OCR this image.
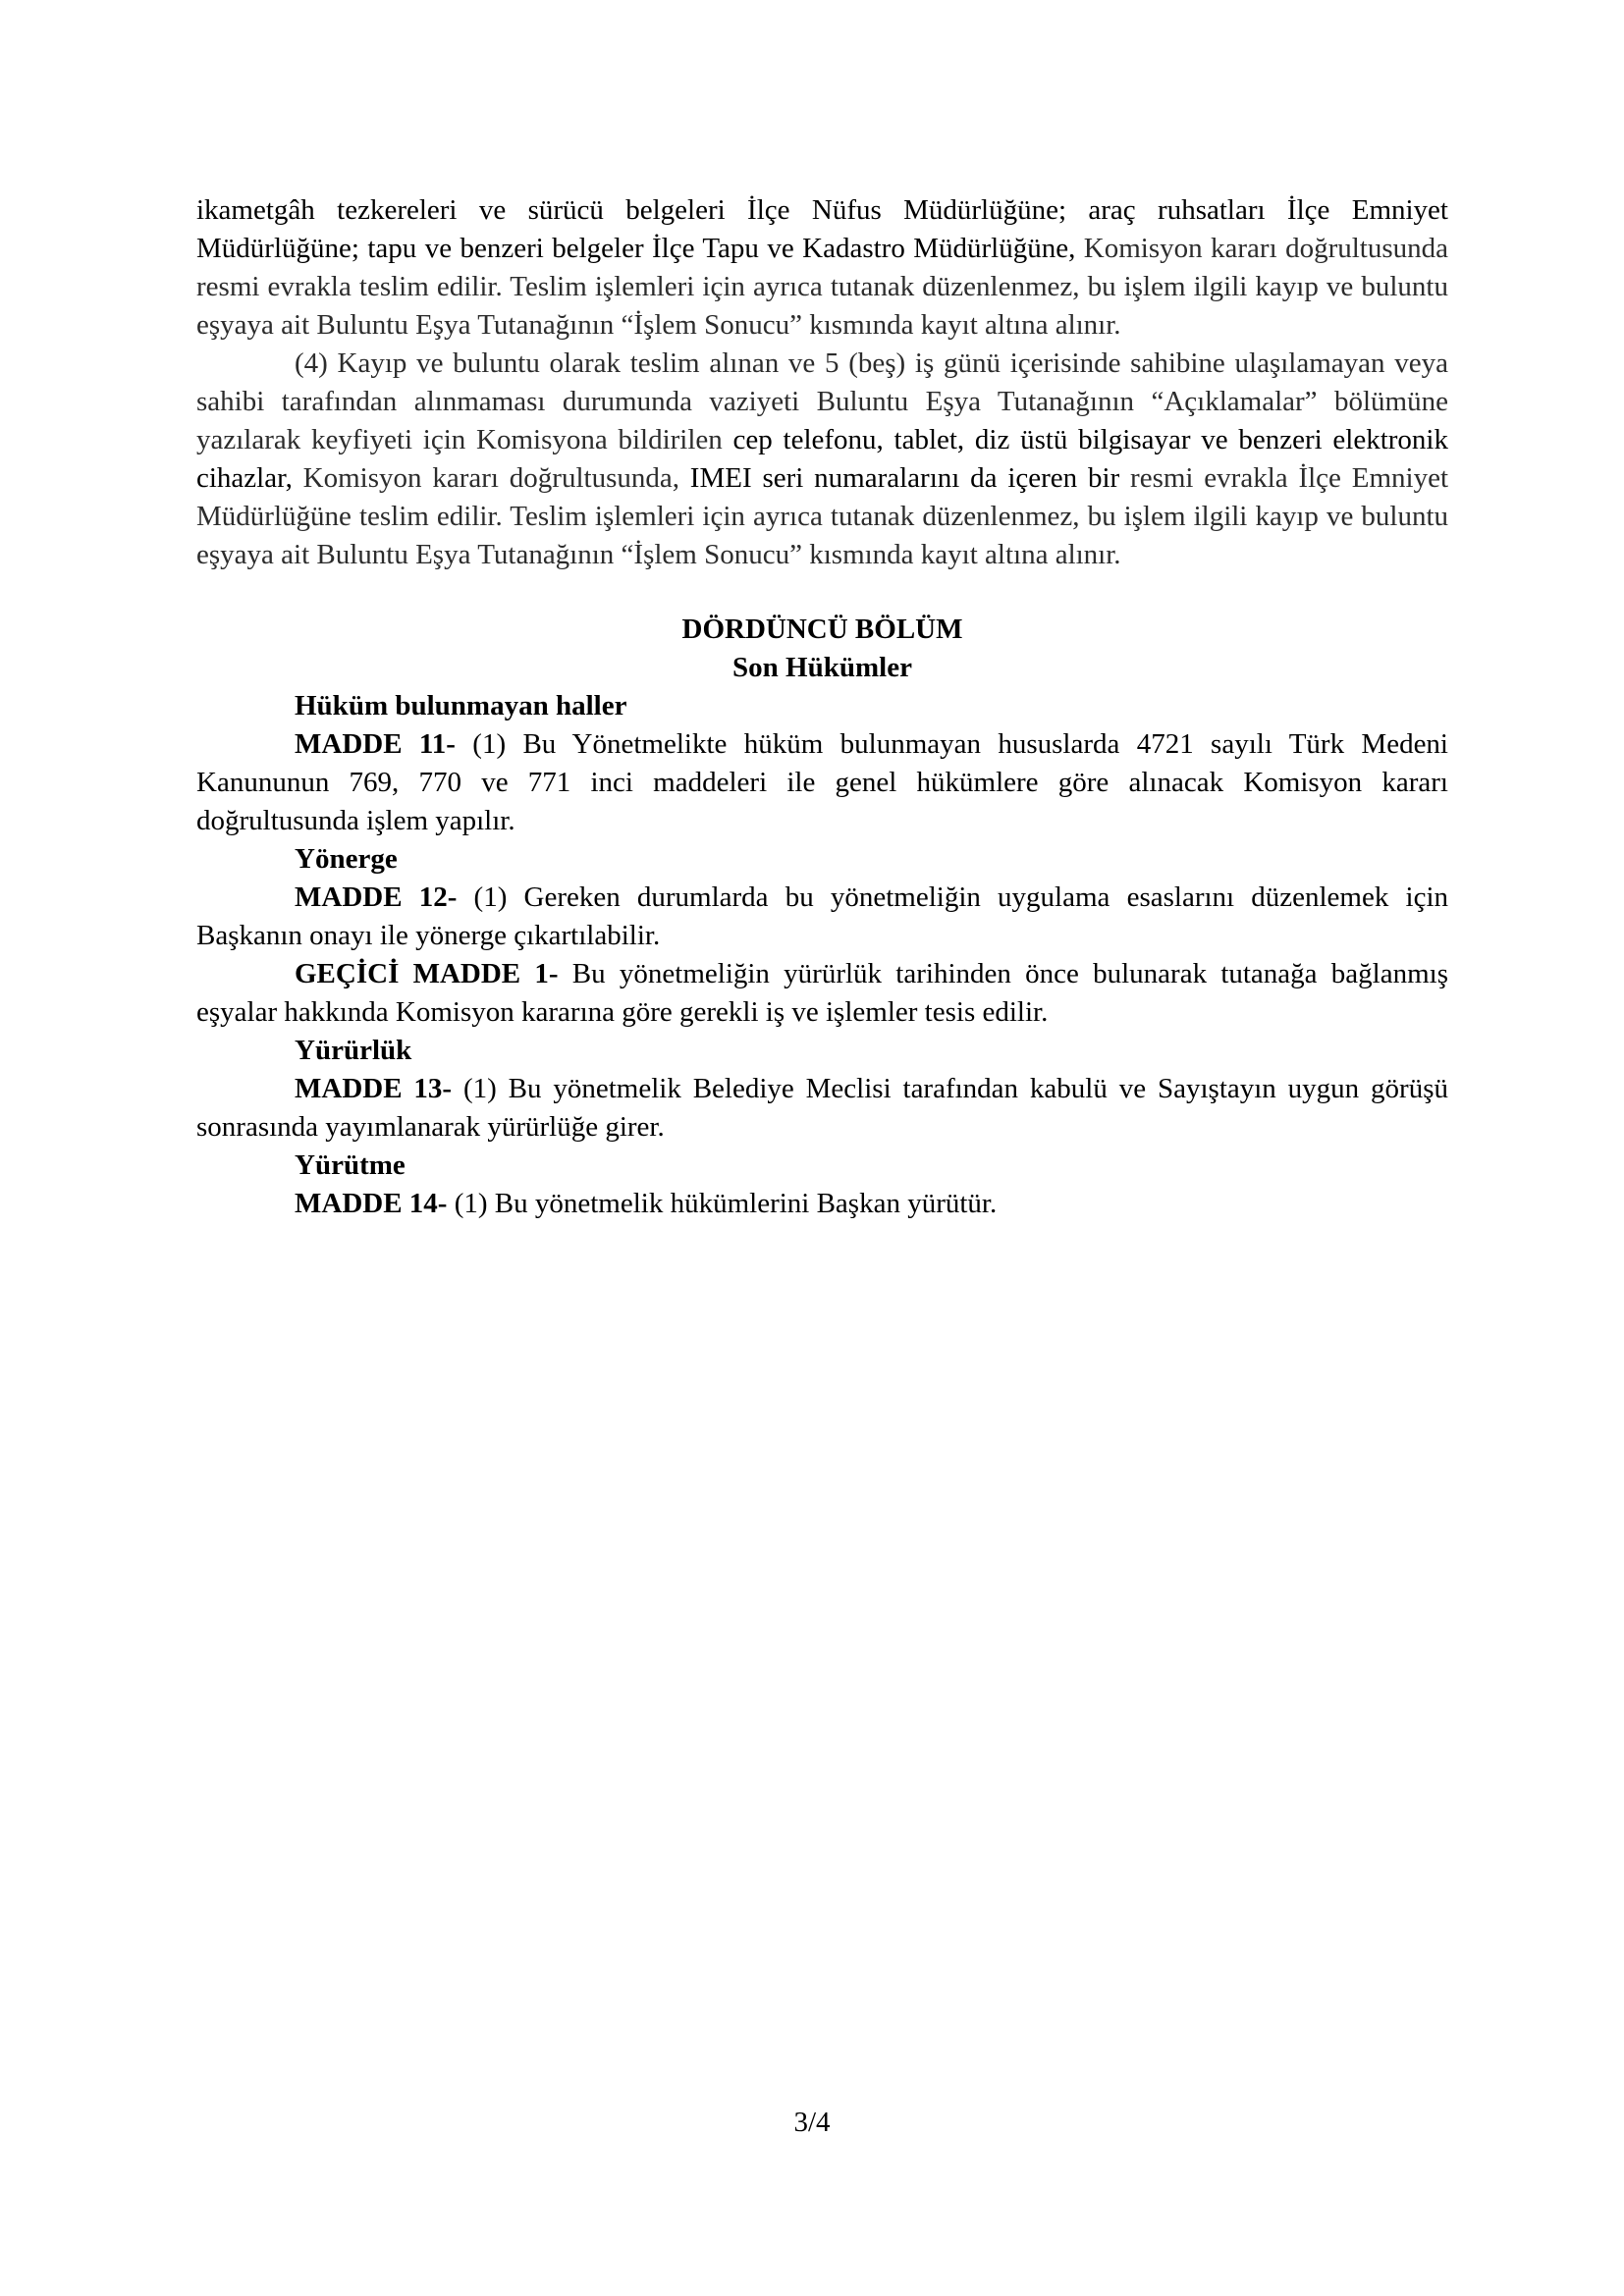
ikametgâh tezkereleri ve sürücü belgeleri İlçe Nüfus Müdürlüğüne; araç ruhsatları İlçe Emniyet Müdürlüğüne; tapu ve benzeri belgeler İlçe Tapu ve Kadastro Müdürlüğüne, Komisyon kararı doğrultusunda resmi evrakla teslim edilir. Teslim işlemleri için ayrıca tutanak düzenlenmez, bu işlem ilgili kayıp ve buluntu eşyaya ait Buluntu Eşya Tutanağının “İşlem Sonucu” kısmında kayıt altına alınır.

(4) Kayıp ve buluntu olarak teslim alınan ve 5 (beş) iş günü içerisinde sahibine ulaşılamayan veya sahibi tarafından alınmaması durumunda vaziyeti Buluntu Eşya Tutanağının “Açıklamalar” bölümüne yazılarak keyfiyeti için Komisyona bildirilen cep telefonu, tablet, diz üstü bilgisayar ve benzeri elektronik cihazlar, Komisyon kararı doğrultusunda, IMEI seri numaralarını da içeren bir resmi evrakla İlçe Emniyet Müdürlüğüne teslim edilir. Teslim işlemleri için ayrıca tutanak düzenlenmez, bu işlem ilgili kayıp ve buluntu eşyaya ait Buluntu Eşya Tutanağının “İşlem Sonucu” kısmında kayıt altına alınır.

DÖRDÜNCÜ BÖLÜM
Son Hükümler
Hüküm bulunmayan haller

MADDE 11- (1) Bu Yönetmelikte hüküm bulunmayan hususlarda 4721 sayılı Türk Medeni Kanununun 769, 770 ve 771 inci maddeleri ile genel hükümlere göre alınacak Komisyon kararı doğrultusunda işlem yapılır.

Yönerge

MADDE 12- (1) Gereken durumlarda bu yönetmeliğin uygulama esaslarını düzenlemek için Başkanın onayı ile yönerge çıkartılabilir.

GEÇİCİ MADDE 1- Bu yönetmeliğin yürürlük tarihinden önce bulunarak tutanağa bağlanmış eşyalar hakkında Komisyon kararına göre gerekli iş ve işlemler tesis edilir.

Yürürlük

MADDE 13- (1) Bu yönetmelik Belediye Meclisi tarafından kabulü ve Sayıştayın uygun görüşü sonrasında yayımlanarak yürürlüğe girer.

Yürütme

MADDE 14- (1) Bu yönetmelik hükümlerini Başkan yürütür.

3/4
